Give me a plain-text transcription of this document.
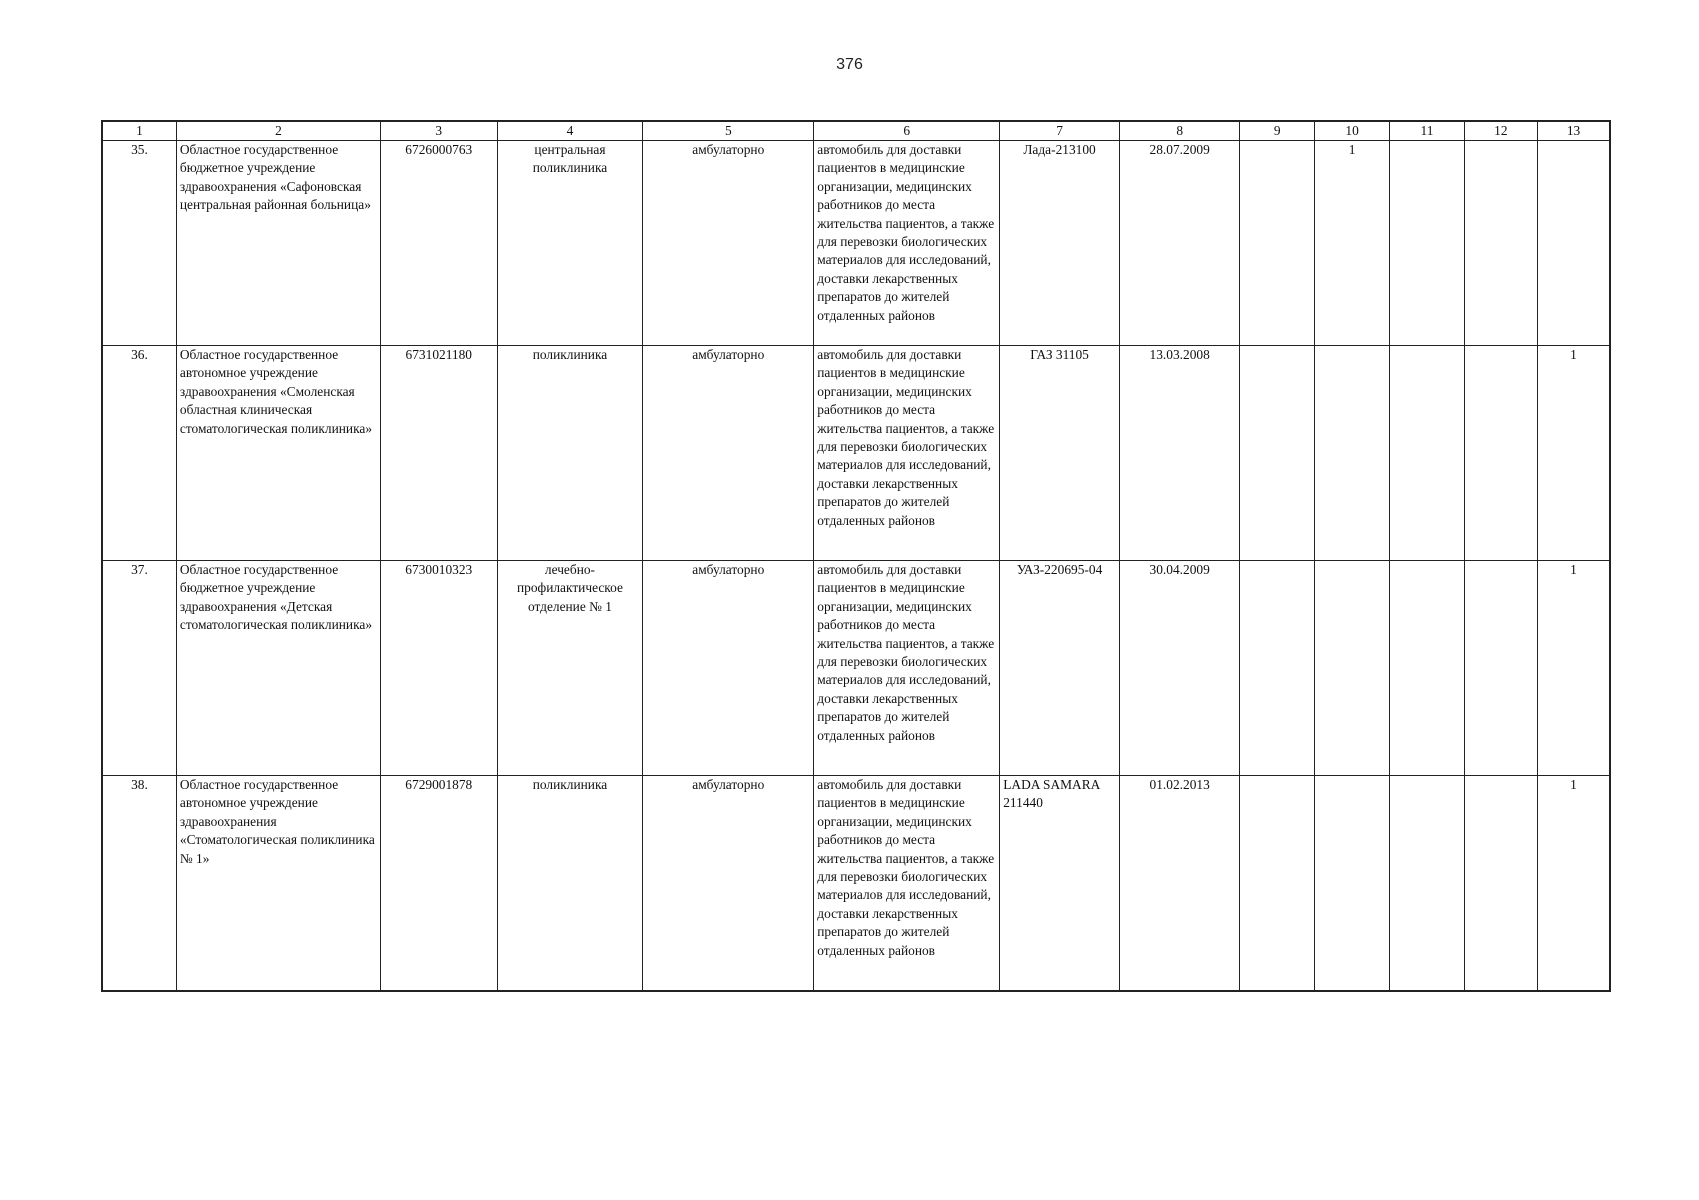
376
1	2	3	4	5	6	7	8	9	10	11	12	13
35.	Областное государственное бюджетное учреждение здравоохранения «Сафоновская центральная районная больница»	6726000763	центральная поликлиника	амбулаторно	автомобиль для доставки пациентов в медицинские организации, медицинских работников до места жительства пациентов, а также для перевозки биологических материалов для исследований, доставки лекарственных препаратов до жителей отдаленных районов	Лада-213100	28.07.2009		1			
36.	Областное государственное автономное учреждение здравоохранения «Смоленская областная клиническая стоматологическая поликлиника»	6731021180	поликлиника	амбулаторно	автомобиль для доставки пациентов в медицинские организации, медицинских работников до места жительства пациентов, а также для перевозки биологических материалов для исследований, доставки лекарственных препаратов до жителей отдаленных районов	ГАЗ 31105	13.03.2008					1
37.	Областное государственное бюджетное учреждение здравоохранения «Детская стоматологическая поликлиника»	6730010323	лечебно-профилактическое отделение № 1	амбулаторно	автомобиль для доставки пациентов в медицинские организации, медицинских работников до места жительства пациентов, а также для перевозки биологических материалов для исследований, доставки лекарственных препаратов до жителей отдаленных районов	УАЗ-220695-04	30.04.2009					1
38.	Областное государственное автономное учреждение здравоохранения «Стоматологическая поликлиника № 1»	6729001878	поликлиника	амбулаторно	автомобиль для доставки пациентов в медицинские организации, медицинских работников до места жительства пациентов, а также для перевозки биологических материалов для исследований, доставки лекарственных препаратов до жителей отдаленных районов	LADA SAMARA 211440	01.02.2013					1
